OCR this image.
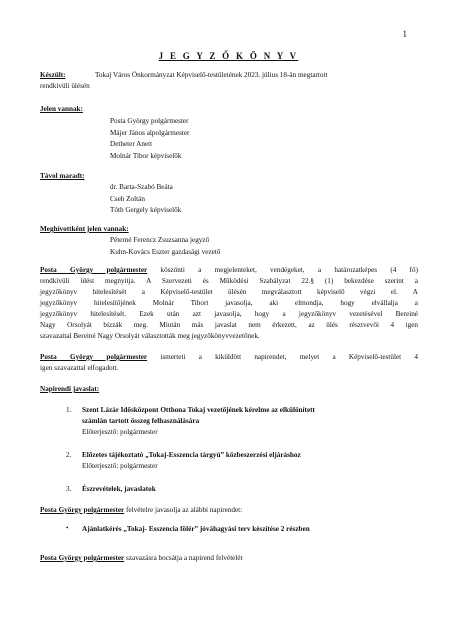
1
J E G Y Z Ő K Ö N Y V
Készült:	Tokaj Város Önkormányzat Képviselő-testületének 2023. július 18-án megtartott
rendkívüli ülésén
Jelen vannak:
Posta György polgármester
Májer János alpolgármester
Detheter Anett
Molnár Tibor képviselők
Távol maradt:
dr. Barta-Szabó Beáta
Cseh Zoltán
Tóth Gergely képviselők
Meghívottként jelen vannak:
Péterné Ferencz Zsuzsanna jegyző
Kuhn-Kovács Eszter gazdasági vezető
Posta György polgármester köszönti a megjelenteket, vendégeket, a határozatképes (4 fő)
rendkívüli ülést megnyitja. A Szervezeti és Működési Szabályzat 22.§ (1) bekezdése szerint a
jegyzőkönyv hitelesítését a Képviselő-testület ülésén megválasztott képviselő végzi el. A
jegyzőkönyv hitelesítőjének Molnár Tibort javasolja, aki elmondja, hogy elvállalja a
jegyzőkönyv hitelesítését. Ezek után azt javasolja, hogy a jegyzőkönyv vezetésével Bereiné
Nagy Orsolyát bízzák meg. Miután más javaslat nem érkezett, az ülés résztvevői 4 igen
szavazattal Bereiné Nagy Orsolyát választották meg jegyzőkönyvvezetőnek.
Posta György polgármester ismerteti a kiküldött napirendet, melyet a Képviselő-testület 4
igen szavazattal elfogadott.
Napirendi javaslat:
1. Szent Lázár Idősközpont Otthona Tokaj vezetőjének kérelme az elkülönített
számlán tartott összeg felhasználására
Előterjesztő: polgármester
2. Előzetes tájékoztató „Tokaj-Esszencia tárgyú” közbeszerzési eljáráshoz
Előterjesztő: polgármester
3. Észrevételek, javaslatok
Posta György polgármester felvételre javasolja az alábbi napirendet:
• Ajánlatkérés „Tokaj- Esszencia fölér” jóváhagyási terv készítése 2 részben
Posta György polgármester szavazásra bocsátja a napirend felvételét
